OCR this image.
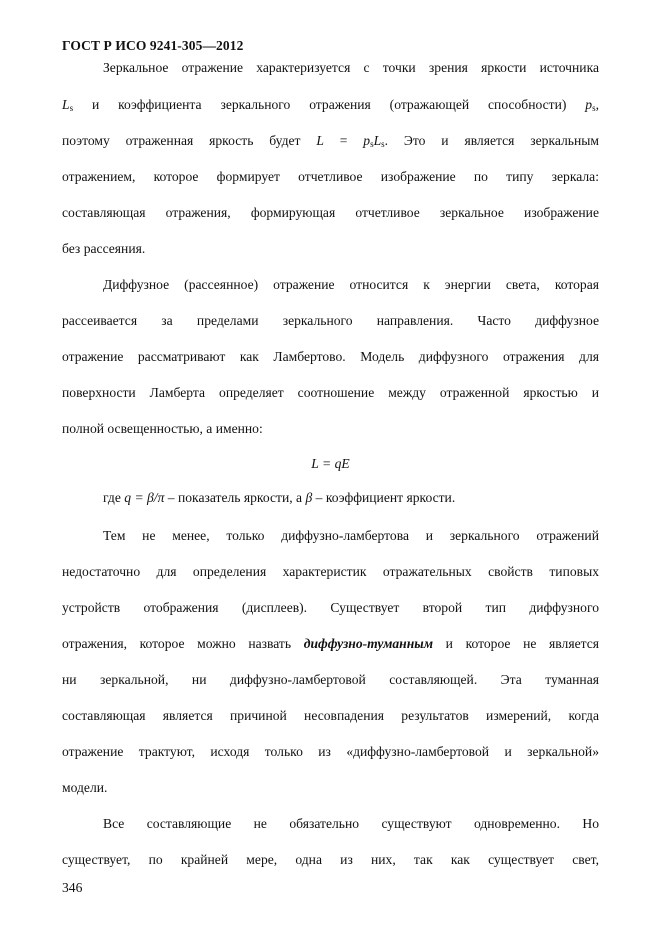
ГОСТ Р ИСО 9241-305—2012
Зеркальное отражение характеризуется с точки зрения яркости источника
$L_s$ и коэффициента зеркального отражения (отражающей способности) $p_s$,
поэтому отраженная яркость будет $L = p_sL_s$. Это и является зеркальным
отражением, которое формирует отчетливое изображение по типу зеркала:
составляющая отражения, формирующая отчетливое зеркальное изображение
без рассеяния.
Диффузное (рассеянное) отражение относится к энергии света, которая
рассеивается за пределами зеркального направления. Часто диффузное
отражение рассматривают как Ламбертово. Модель диффузного отражения для
поверхности Ламберта определяет соотношение между отраженной яркостью и
полной освещенностью, а именно:
L = qE
где q = β/π – показатель яркости, а β – коэффициент яркости.
Тем не менее, только диффузно-ламбертова и зеркального отражений
недостаточно для определения характеристик отражательных свойств типовых
устройств отображения (дисплеев). Существует второй тип диффузного
отражения, которое можно назвать диффузно-туманным и которое не является
ни зеркальной, ни диффузно-ламбертовой составляющей. Эта туманная
составляющая является причиной несовпадения результатов измерений, когда
отражение трактуют, исходя только из «диффузно-ламбертовой и зеркальной»
модели.
Все составляющие не обязательно существуют одновременно. Но
существует, по крайней мере, одна из них, так как существует свет,
346
